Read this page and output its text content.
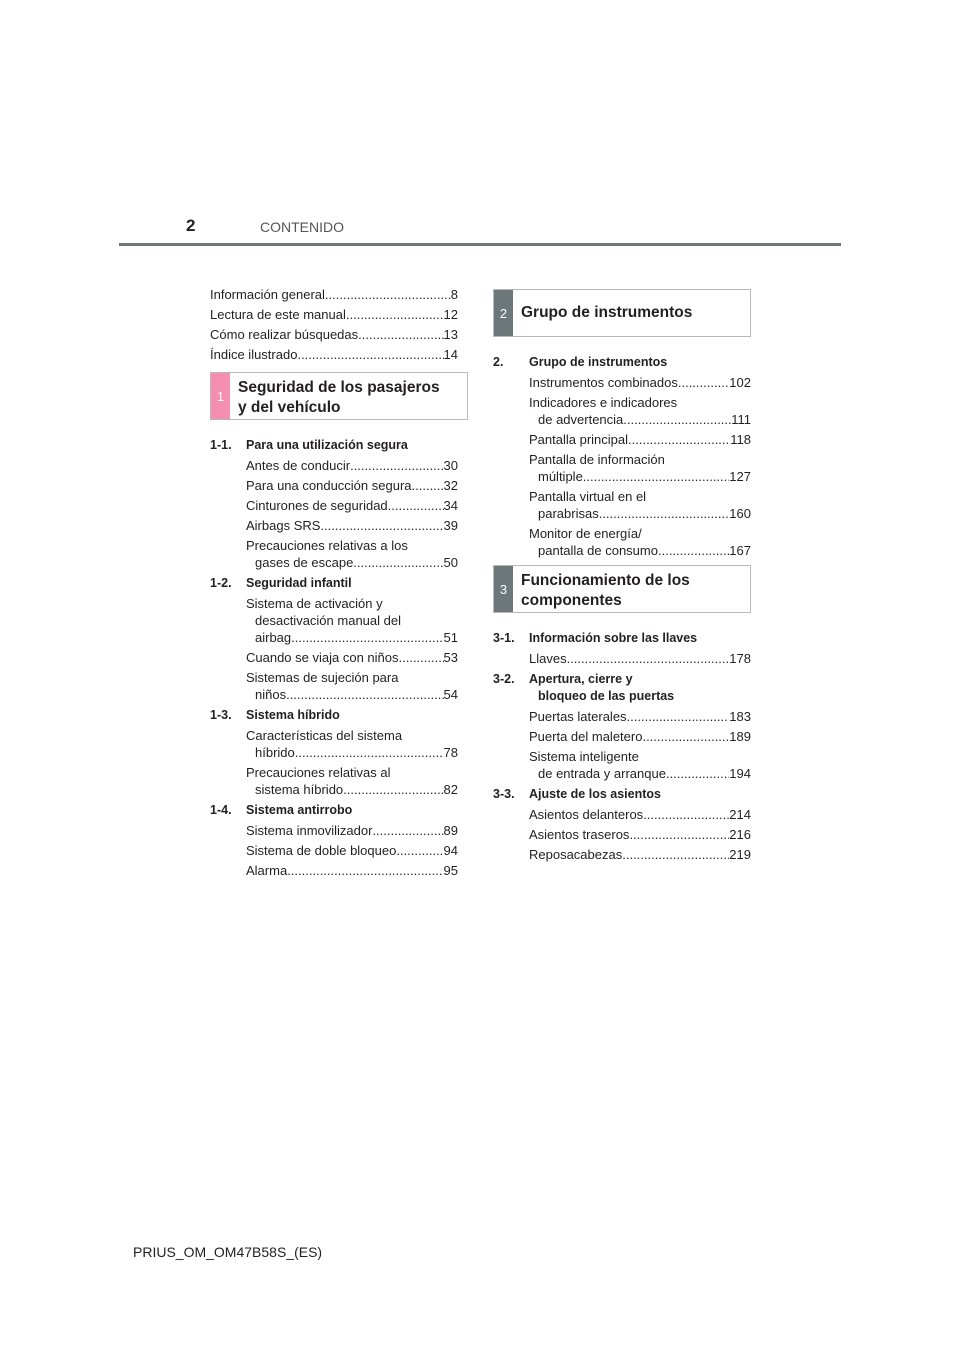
2	CONTENIDO
Información general .....	8
Lectura de este manual .....	12
Cómo realizar búsquedas .....	13
Índice ilustrado .....	14
1 Seguridad de los pasajeros
y del vehículo
1-1.	Para una utilización segura
Antes de conducir .....	30
Para una conducción segura ..... 32
Cinturones de seguridad .....	34
Airbags SRS .....	39
Precauciones relativas a los
gases de escape .....	50
1-2.	Seguridad infantil
Sistema de activación y
desactivación manual del
airbag .....	51
Cuando se viaja con niños .....	53
Sistemas de sujeción para
niños .....	54
1-3.	Sistema híbrido
Características del sistema
híbrido .....	78
Precauciones relativas al
sistema híbrido .....	82
1-4.	Sistema antirrobo
Sistema inmovilizador .....	89
Sistema de doble bloqueo .....	94
Alarma .....	95
2 Grupo de instrumentos
2.	Grupo de instrumentos
Instrumentos combinados .....	102
Indicadores e indicadores
de advertencia .....	111
Pantalla principal .....	118
Pantalla de información
múltiple .....	127
Pantalla virtual en el
parabrisas .....	160
Monitor de energía/
pantalla de consumo .....	167
3 Funcionamiento de los
componentes
3-1.	Información sobre las llaves
Llaves .....	178
3-2.	Apertura, cierre y
bloqueo de las puertas
Puertas laterales .....	183
Puerta del maletero .....	189
Sistema inteligente
de entrada y arranque .....	194
3-3.	Ajuste de los asientos
Asientos delanteros .....	214
Asientos traseros .....	216
Reposacabezas .....	219
PRIUS_OM_OM47B58S_(ES)
